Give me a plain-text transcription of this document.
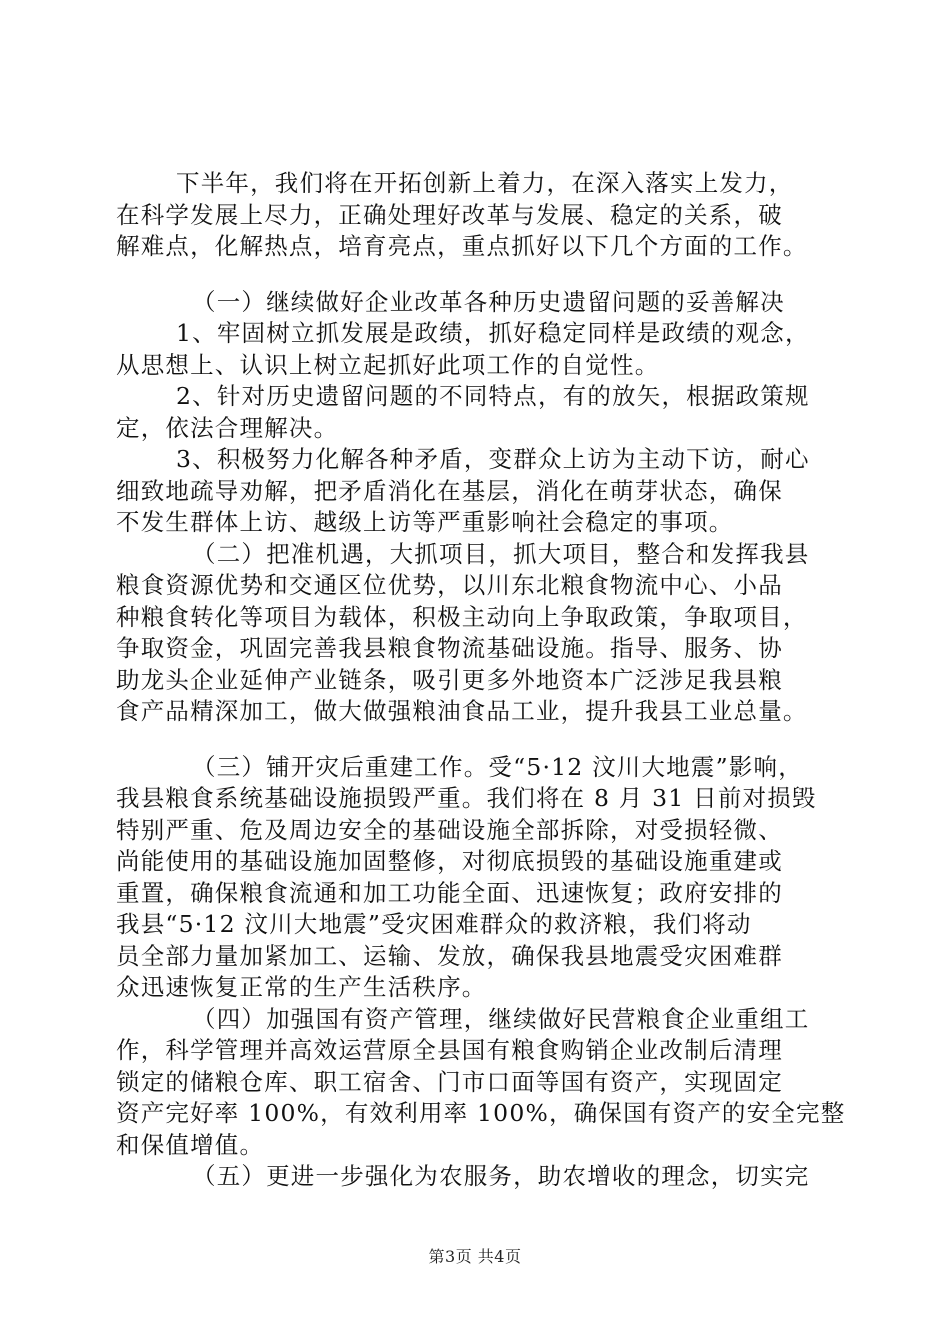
下半年，我们将在开拓创新上着力，在深入落实上发力，
在科学发展上尽力，正确处理好改革与发展、稳定的关系，破
解难点，化解热点，培育亮点，重点抓好以下几个方面的工作。

（一）继续做好企业改革各种历史遗留问题的妥善解决

1、牢固树立抓发展是政绩，抓好稳定同样是政绩的观念，
从思想上、认识上树立起抓好此项工作的自觉性。

2、针对历史遗留问题的不同特点，有的放矢，根据政策规
定，依法合理解决。

3、积极努力化解各种矛盾，变群众上访为主动下访，耐心
细致地疏导劝解，把矛盾消化在基层，消化在萌芽状态，确保
不发生群体上访、越级上访等严重影响社会稳定的事项。

（二）把准机遇，大抓项目，抓大项目，整合和发挥我县
粮食资源优势和交通区位优势，以川东北粮食物流中心、小品
种粮食转化等项目为载体，积极主动向上争取政策，争取项目，
争取资金，巩固完善我县粮食物流基础设施。指导、服务、协
助龙头企业延伸产业链条，吸引更多外地资本广泛涉足我县粮
食产品精深加工，做大做强粮油食品工业，提升我县工业总量。

（三）铺开灾后重建工作。受“5·12 汶川大地震”影响，
我县粮食系统基础设施损毁严重。我们将在 8 月 31 日前对损毁
特别严重、危及周边安全的基础设施全部拆除，对受损轻微、
尚能使用的基础设施加固整修，对彻底损毁的基础设施重建或
重置，确保粮食流通和加工功能全面、迅速恢复；政府安排的
我县“5·12 汶川大地震”受灾困难群众的救济粮，我们将动
员全部力量加紧加工、运输、发放，确保我县地震受灾困难群
众迅速恢复正常的生产生活秩序。

（四）加强国有资产管理，继续做好民营粮食企业重组工
作，科学管理并高效运营原全县国有粮食购销企业改制后清理
锁定的储粮仓库、职工宿舍、门市口面等国有资产，实现固定
资产完好率 100%，有效利用率 100%，确保国有资产的安全完整
和保值增值。

（五）更进一步强化为农服务，助农增收的理念，切实完

第3页 共4页
